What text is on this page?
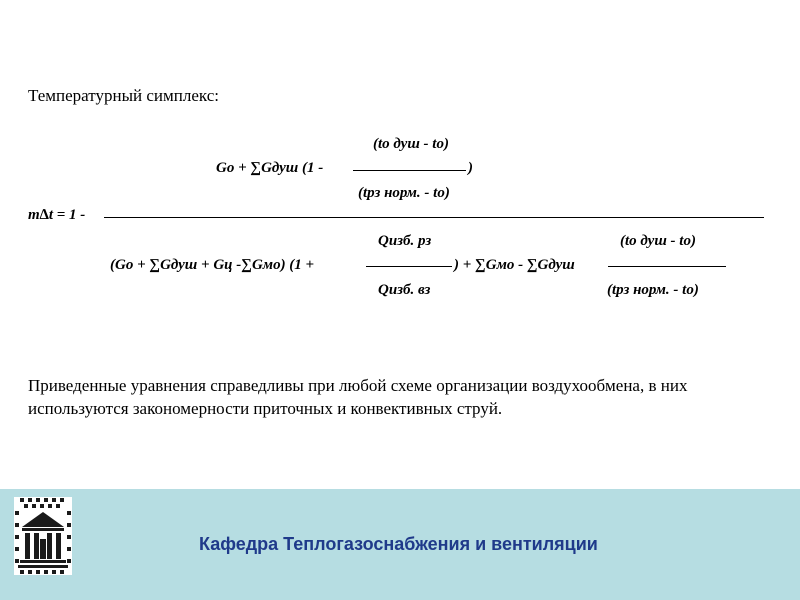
Температурный симплекс:
(to душ - to)
Go + ∑Gдуш (1 -	)
(tрз норм. - to)
m∆t = 1 -
Qизб. рз	(to душ - to)
(Go + ∑Gдуш + Gц -∑Gмо) (1 +	) + ∑Gмо - ∑Gдуш
Qизб. вз	(tрз норм. - to)
Приведенные уравнения справедливы при любой схеме организации воздухообмена, в них используются закономерности приточных и конвективных струй.
Кафедра Теплогазоснабжения и вентиляции
